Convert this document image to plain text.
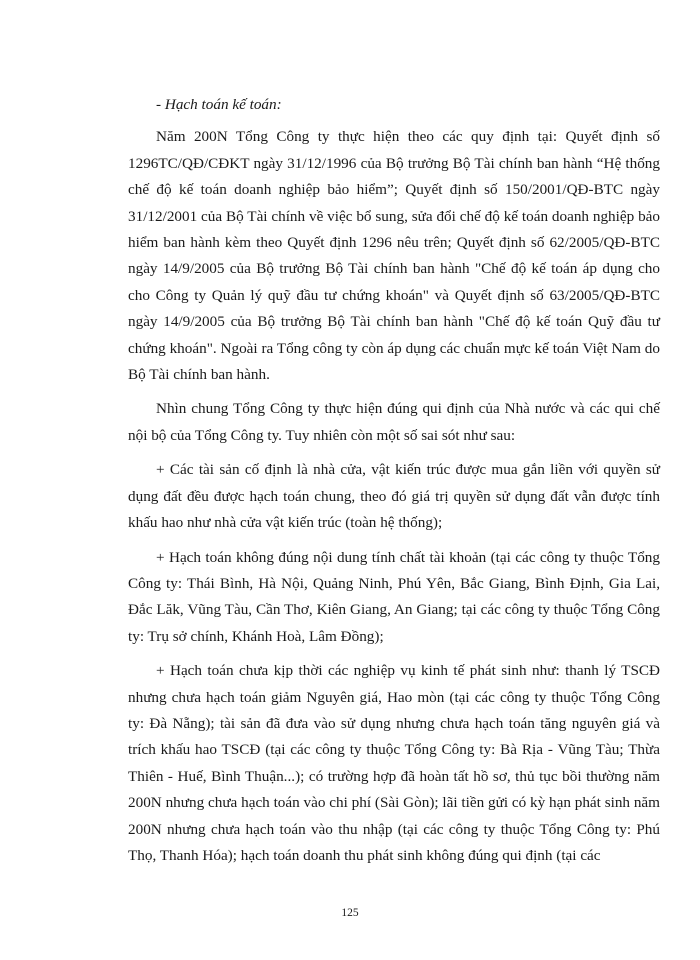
- Hạch toán kế toán:

Năm 200N Tổng Công ty thực hiện theo các quy định tại: Quyết định số 1296TC/QĐ/CĐKT ngày 31/12/1996 của Bộ trưởng Bộ Tài chính ban hành “Hệ thống chế độ kế toán doanh nghiệp bảo hiểm”; Quyết định số 150/2001/QĐ-BTC ngày 31/12/2001 của Bộ Tài chính về việc bổ sung, sửa đổi chế độ kế toán doanh nghiệp bảo hiểm ban hành kèm theo Quyết định 1296 nêu trên; Quyết định số 62/2005/QĐ-BTC ngày 14/9/2005 của Bộ trưởng Bộ Tài chính ban hành "Chế độ kế toán áp dụng cho cho Công ty Quản lý quỹ đầu tư chứng khoán" và Quyết định số 63/2005/QĐ-BTC ngày 14/9/2005 của Bộ trưởng Bộ Tài chính ban hành "Chế độ kế toán Quỹ đầu tư chứng khoán". Ngoài ra Tổng công ty còn áp dụng các chuẩn mực kế toán Việt Nam do Bộ Tài chính ban hành.

Nhìn chung Tổng Công ty thực hiện đúng qui định của Nhà nước và các qui chế nội bộ của Tổng Công ty. Tuy nhiên còn một số sai sót như sau:

+ Các tài sản cố định là nhà cửa, vật kiến trúc được mua gắn liền với quyền sử dụng đất đều được hạch toán chung, theo đó giá trị quyền sử dụng đất vẫn được tính khấu hao như nhà cửa vật kiến trúc (toàn hệ thống);

+ Hạch toán không đúng nội dung tính chất tài khoản (tại các công ty thuộc Tổng Công ty: Thái Bình, Hà Nội, Quảng Ninh, Phú Yên, Bắc Giang, Bình Định, Gia Lai, Đắc Lăk, Vũng Tàu, Cần Thơ, Kiên Giang, An Giang; tại các công ty thuộc Tổng Công ty: Trụ sở chính, Khánh Hoà, Lâm Đồng);

+ Hạch toán chưa kịp thời các nghiệp vụ kinh tế phát sinh như: thanh lý TSCĐ nhưng chưa hạch toán giảm Nguyên giá, Hao mòn (tại các công ty thuộc Tổng Công ty: Đà Nẵng); tài sản đã đưa vào sử dụng nhưng chưa hạch toán tăng nguyên giá và trích khấu hao TSCĐ (tại các công ty thuộc Tổng Công ty: Bà Rịa - Vũng Tàu; Thừa Thiên - Huế, Bình Thuận...); có trường hợp đã hoàn tất hồ sơ, thủ tục bồi thường năm 200N nhưng chưa hạch toán vào chi phí (Sài Gòn); lãi tiền gửi có kỳ hạn phát sinh năm 200N nhưng chưa hạch toán vào thu nhập (tại các công ty thuộc Tổng Công ty: Phú Thọ, Thanh Hóa); hạch toán doanh thu phát sinh không đúng qui định (tại các

125
